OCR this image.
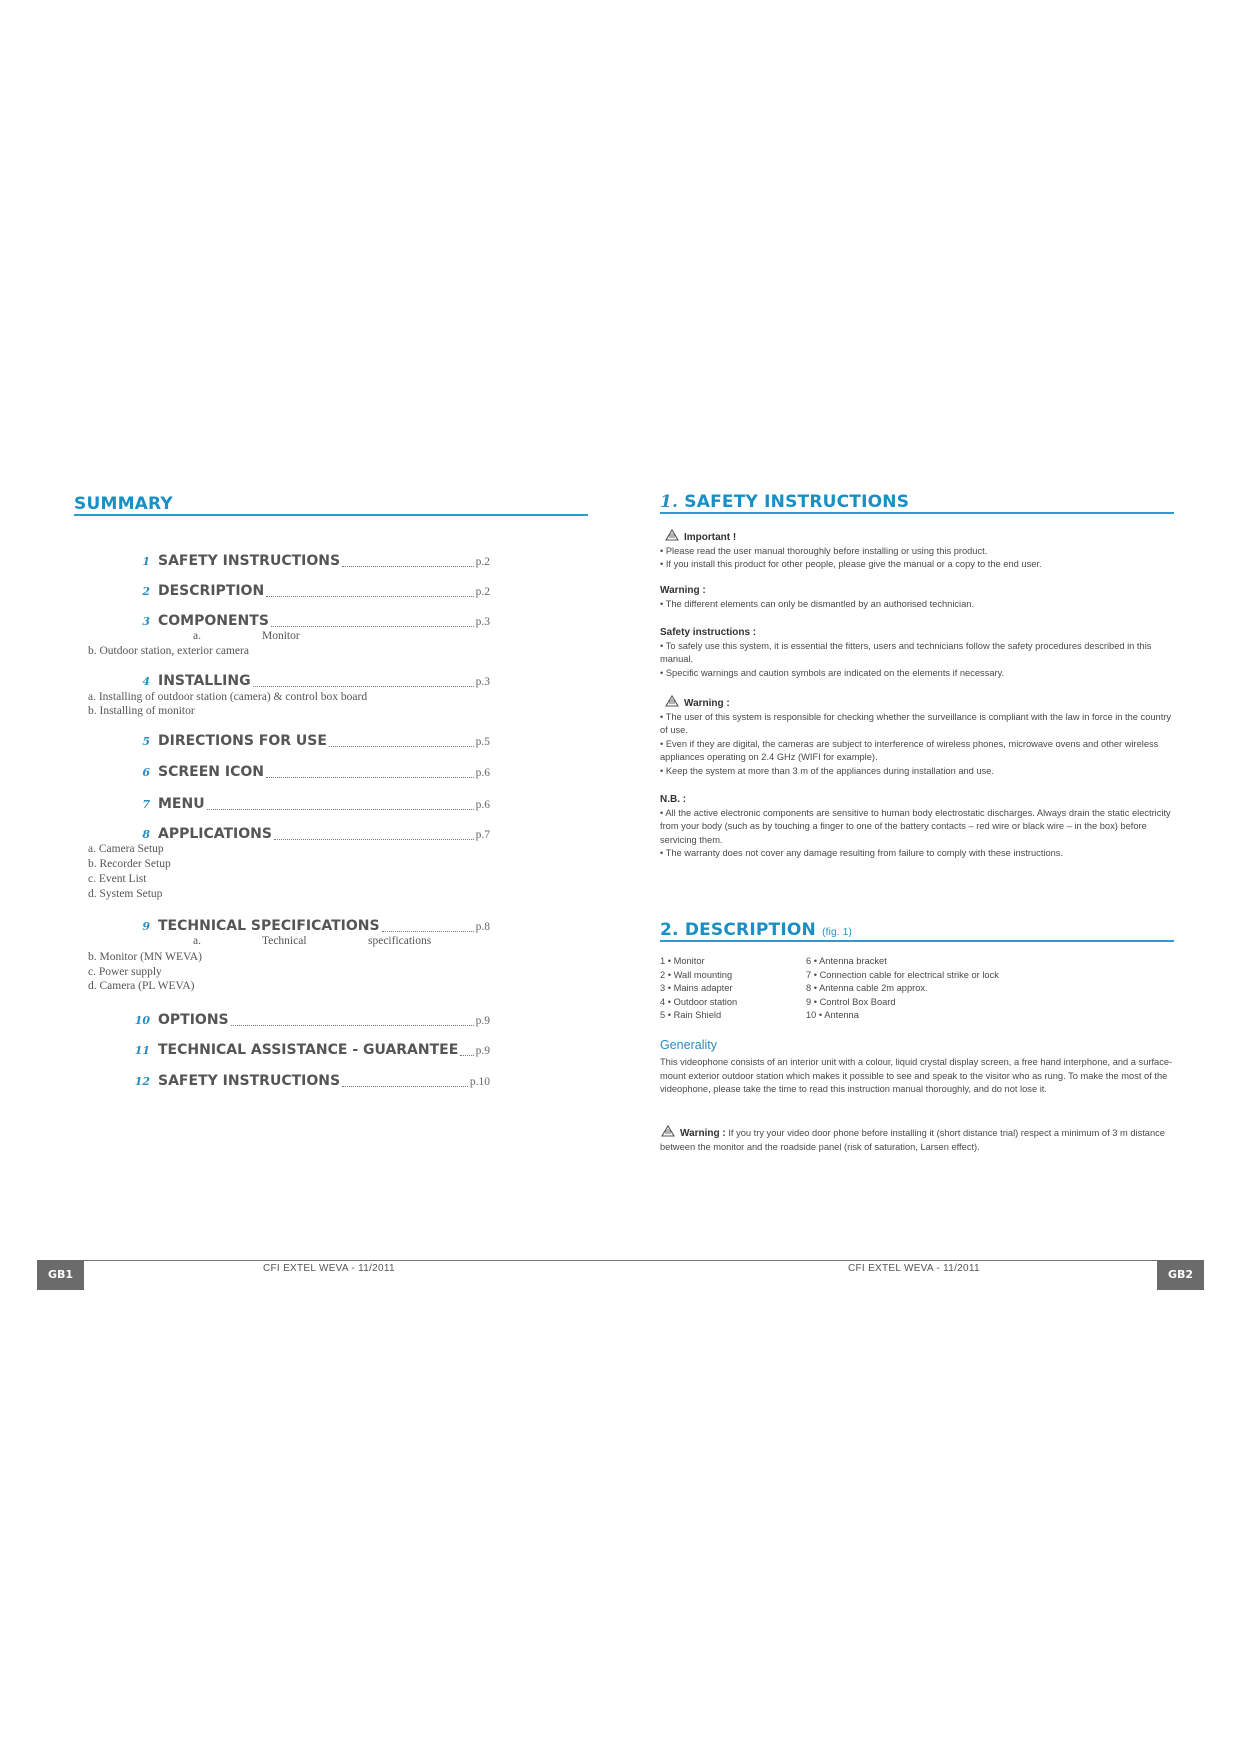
SUMMARY
1 SAFETY INSTRUCTIONS	p.2
2 DESCRIPTION	p.2
3 COMPONENTS	p.3
a.	Monitor
b. Outdoor station, exterior camera
4 INSTALLING	p.3
a. Installing of outdoor station (camera) & control box board
b. Installing of monitor
5 DIRECTIONS FOR USE	p.5
6 SCREEN ICON	p.6
7 MENU	p.6
8 APPLICATIONS	p.7
a. Camera Setup
b. Recorder Setup
c. Event List
d. System Setup
9 TECHNICAL SPECIFICATIONS	p.8
a.	Technical	specifications
b. Monitor (MN WEVA)
c. Power supply
d. Camera (PL WEVA)
10 OPTIONS	p.9
11 TECHNICAL ASSISTANCE - GUARANTEE p.9
12 SAFETY INSTRUCTIONS	p.10
1. SAFETY INSTRUCTIONS
Important !
• Please read the user manual thoroughly before installing or using this product.
• If you install this product for other people, please give the manual or a copy to the end user.
Warning :
• The different elements can only be dismantled by an authorised technician.
Safety instructions :
• To safely use this system, it is essential the fitters, users and technicians follow the safety procedures described in this manual.
• Specific warnings and caution symbols are indicated on the elements if necessary.
Warning :
• The user of this system is responsible for checking whether the surveillance is compliant with the law in force in the country of use.
• Even if they are digital, the cameras are subject to interference of wireless phones, microwave ovens and other wireless appliances operating on 2.4 GHz (WIFI for example).
• Keep the system at more than 3 m of the appliances during installation and use.
N.B. :
• All the active electronic components are sensitive to human body electrostatic discharges. Always drain the static electricity from your body (such as by touching a finger to one of the battery contacts – red wire or black wire – in the box) before servicing them.
• The warranty does not cover any damage resulting from failure to comply with these instructions.
2. DESCRIPTION (fig. 1)
1 • Monitor
2 • Wall mounting
3 • Mains adapter
4 • Outdoor station
5 • Rain Shield
6 • Antenna bracket
7 • Connection cable for electrical strike or lock
8 • Antenna cable 2m approx.
9 • Control Box Board
10 • Antenna
Generality
This videophone consists of an interior unit with a colour, liquid crystal display screen, a free hand interphone, and a surface-mount exterior outdoor station which makes it possible to see and speak to the visitor who as rung. To make the most of the videophone, please take the time to read this instruction manual thoroughly, and do not lose it.
Warning : If you try your video door phone before installing it (short distance trial) respect a minimum of 3 m distance between the monitor and the roadside panel (risk of saturation, Larsen effect).
GB1	CFI EXTEL WEVA - 11/2011	CFI EXTEL WEVA - 11/2011	GB2
